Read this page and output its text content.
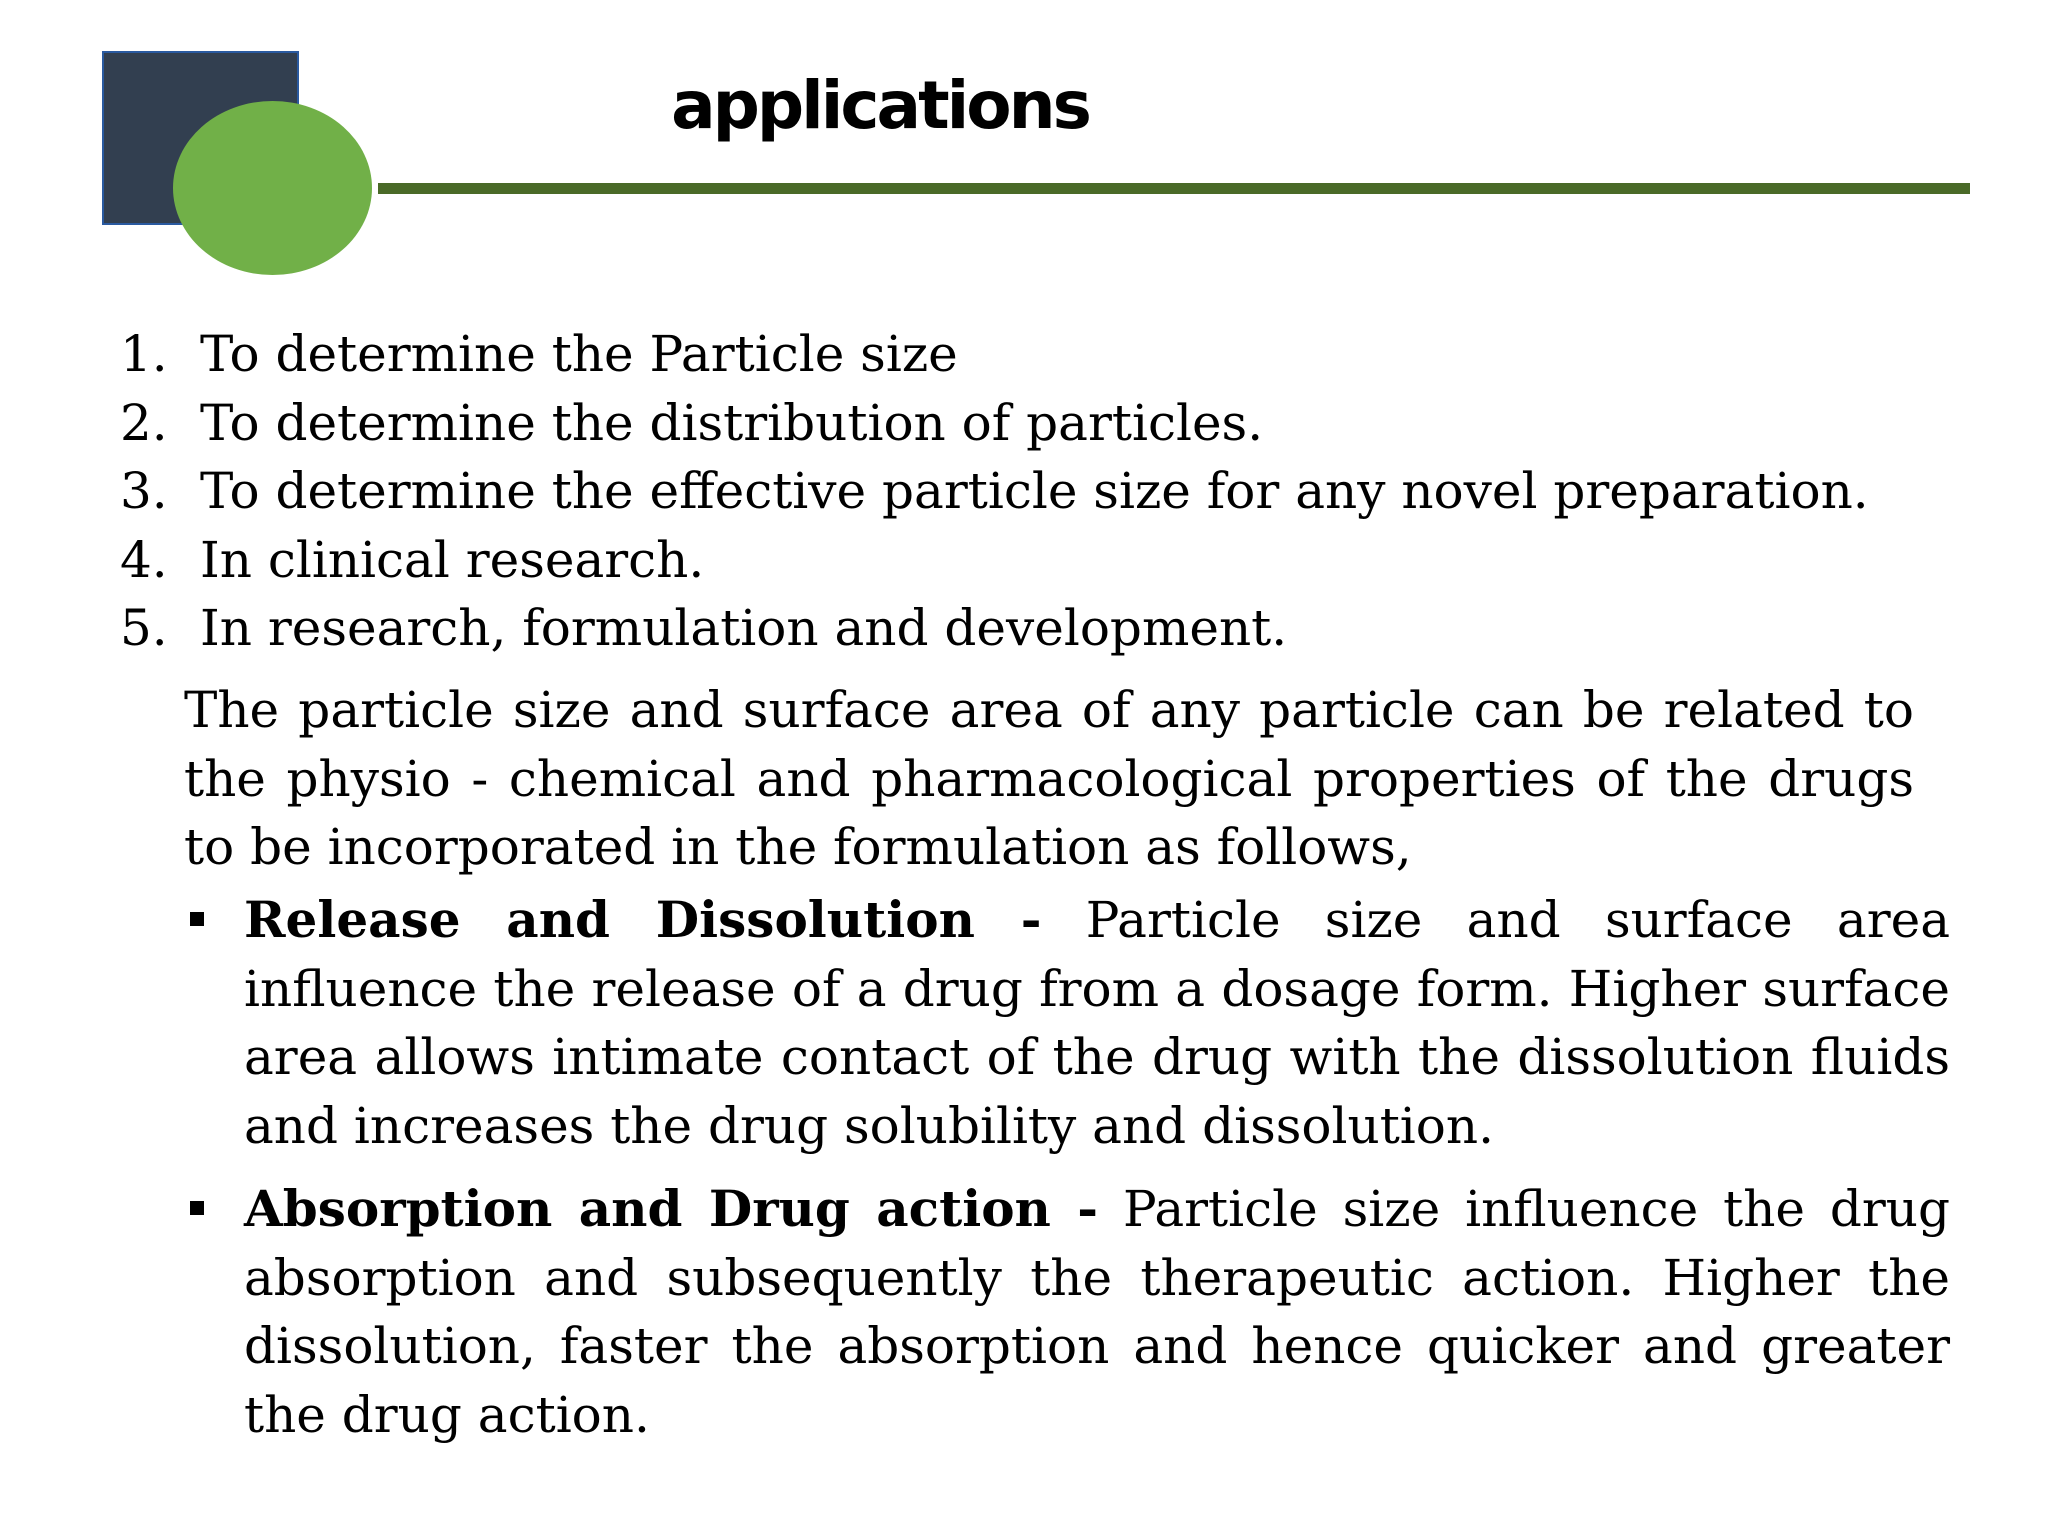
applications
1. To determine the Particle size
2. To determine the distribution of particles.
3. To determine the effective particle size for any novel preparation.
4. In clinical research.
5. In research, formulation and development.

The particle size and surface area of any particle can be related to the physio - chemical and pharmacological properties of the drugs to be incorporated in the formulation as follows,

Release and Dissolution - Particle size and surface area influence the release of a drug from a dosage form. Higher surface area allows intimate contact of the drug with the dissolution fluids and increases the drug solubility and dissolution.
Absorption and Drug action - Particle size influence the drug absorption and subsequently the therapeutic action. Higher the dissolution, faster the absorption and hence quicker and greater the drug action.
